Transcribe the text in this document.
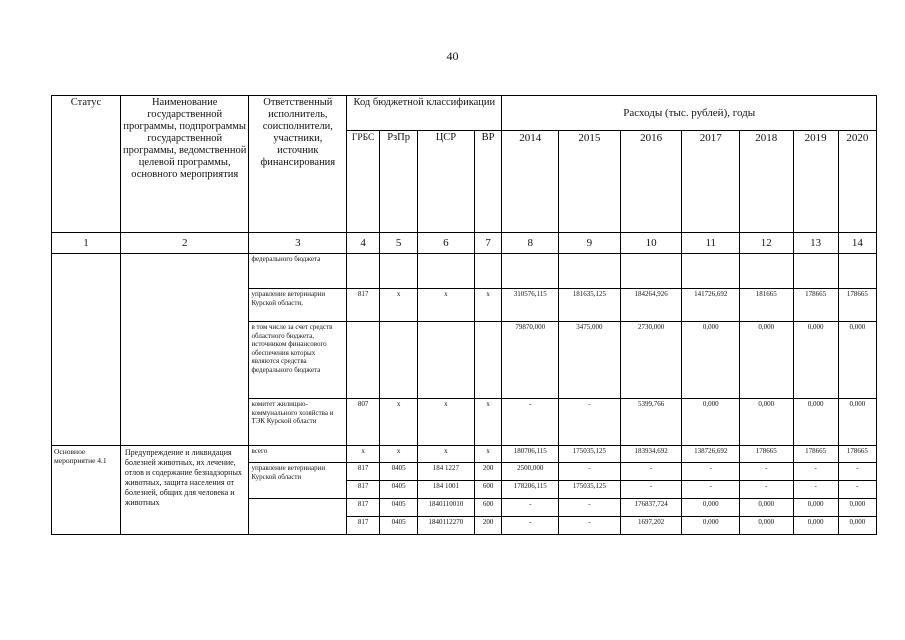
40
Статус	Наименование государственной программы, подпрограммы государственной программы, ведомственной целевой программы, основного мероприятия	Ответственный исполнитель, соисполнители, участники, источник финансирования	Код бюджетной классификации				Расходы (тыс. рублей), годы						
			ГРБС	РзПр	ЦСР	ВР	2014	2015	2016	2017	2018	2019	2020
1	2	3	4	5	6	7	8	9	10	11	12	13	14
		федерального бюджета											
		управление ветеринарии Курской области,	817	х	х	х	310576,115	181635,125	184264,926	141726,692	181665	178665	178665
		в том числе за счет средств областного бюджета, источником финансового обеспечения которых являются средства федерального бюджета					79870,000	3475,000	2730,000	0,000	0,000	0,000	0,000
		комитет жилищно-коммунального хозяйства и ТЭК Курской области	807	х	х	х	-	-	5399,766	0,000	0,000	0,000	0,000
Основное мероприятие 4.1	Предупреждение и ликвидация болезней животных, их лечение, отлов и содержание безнадзорных животных, защита населения от болезней, общих для человека и животных	всего	х	х	х	х	180706,115	175035,125	183934,692	138726,692	178665	178665	178665
		управление ветеринарии Курской области	817	0405	184 1227	200	2500,000	-	-	-	-	-	-
			817	0405	184 1001	600	178206,115	175035,125	-	-	-	-	-
			817	0405	1840110010	600	-	-	176837,724	0,000	0,000	0,000	0,000
			817	0405	1840112270	200	-	-	1697,202	0,000	0,000	0,000	0,000
